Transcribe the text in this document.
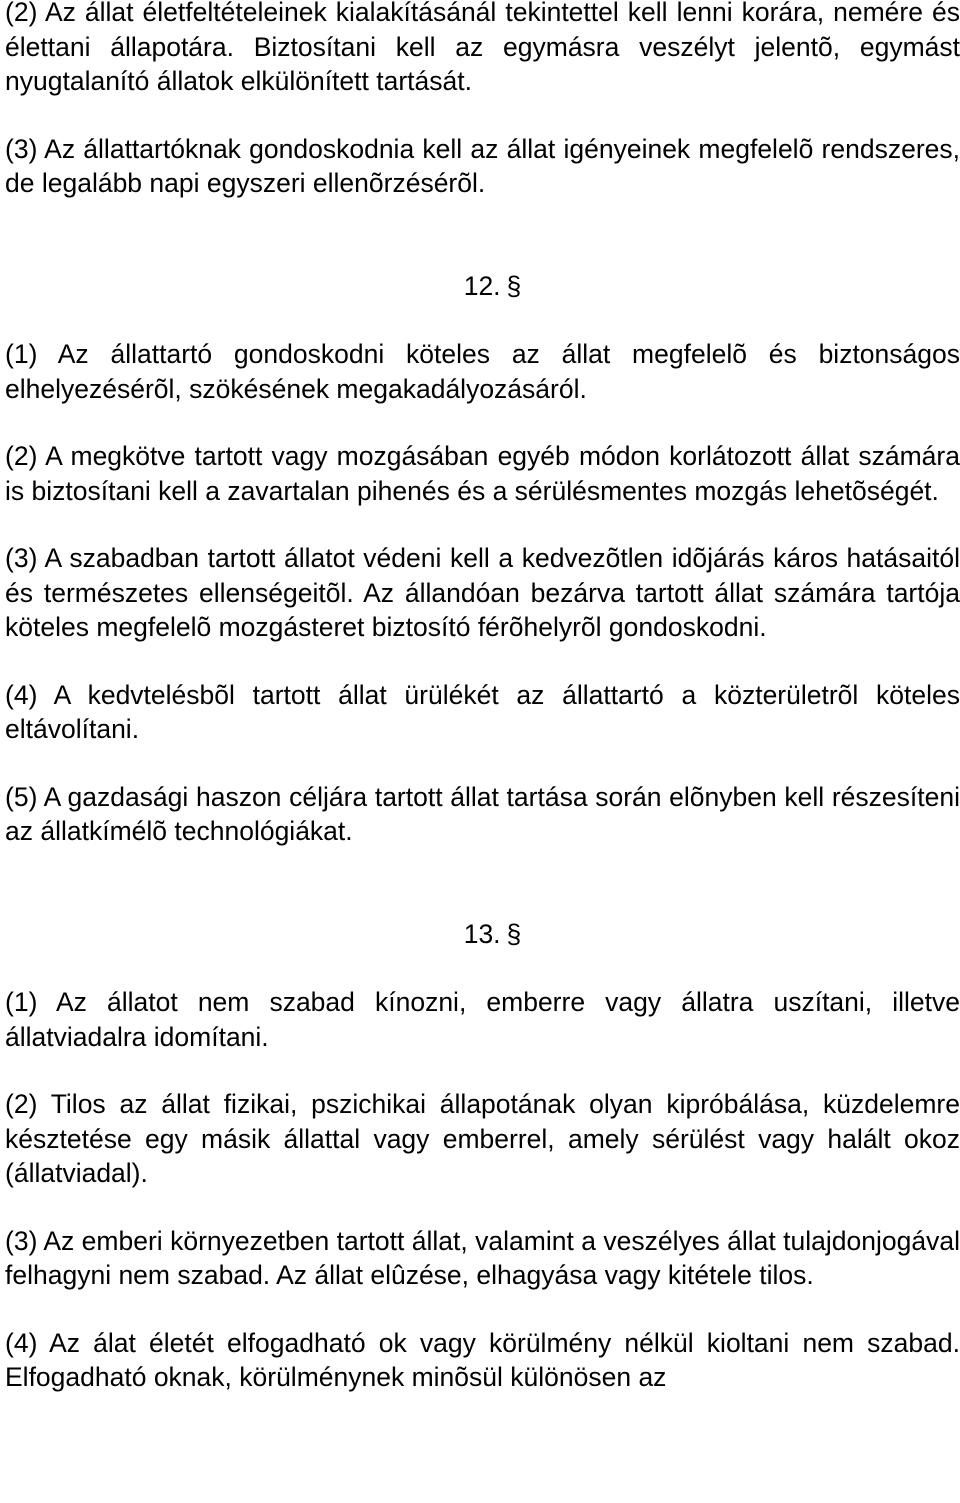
(2) Az állat életfeltételeinek kialakításánál tekintettel kell lenni korára, nemére és élettani állapotára. Biztosítani kell az egymásra veszélyt jelentõ, egymást nyugtalanító állatok elkülönített tartását.

(3) Az állattartóknak gondoskodnia kell az állat igényeinek megfelelõ rendszeres, de legalább napi egyszeri ellenõrzésérõl.

12. §

(1) Az állattartó gondoskodni köteles az állat megfelelõ és biztonságos elhelyezésérõl, szökésének megakadályozásáról.

(2) A megkötve tartott vagy mozgásában egyéb módon korlátozott állat számára is biztosítani kell a zavartalan pihenés és a sérülésmentes mozgás lehetõségét.

(3) A szabadban tartott állatot védeni kell a kedvezõtlen idõjárás káros hatásaitól és természetes ellenségeitõl. Az állandóan bezárva tartott állat számára tartója köteles megfelelõ mozgásteret biztosító férõhelyrõl gondoskodni.

(4) A kedvtelésbõl tartott állat ürülékét az állattartó a közterületrõl köteles eltávolítani.

(5) A gazdasági haszon céljára tartott állat tartása során elõnyben kell részesíteni az állatkímélõ technológiákat.

13. §

(1) Az állatot nem szabad kínozni, emberre vagy állatra uszítani, illetve állatviadalra idomítani.

(2) Tilos az állat fizikai, pszichikai állapotának olyan kipróbálása, küzdelemre késztetése egy másik állattal vagy emberrel, amely sérülést vagy halált okoz (állatviadal).

(3) Az emberi környezetben tartott állat, valamint a veszélyes állat tulajdonjogával felhagyni nem szabad. Az állat elûzése, elhagyása vagy kitétele tilos.

(4) Az álat életét elfogadható ok vagy körülmény nélkül kioltani nem szabad. Elfogadható oknak, körülménynek minõsül különösen az
